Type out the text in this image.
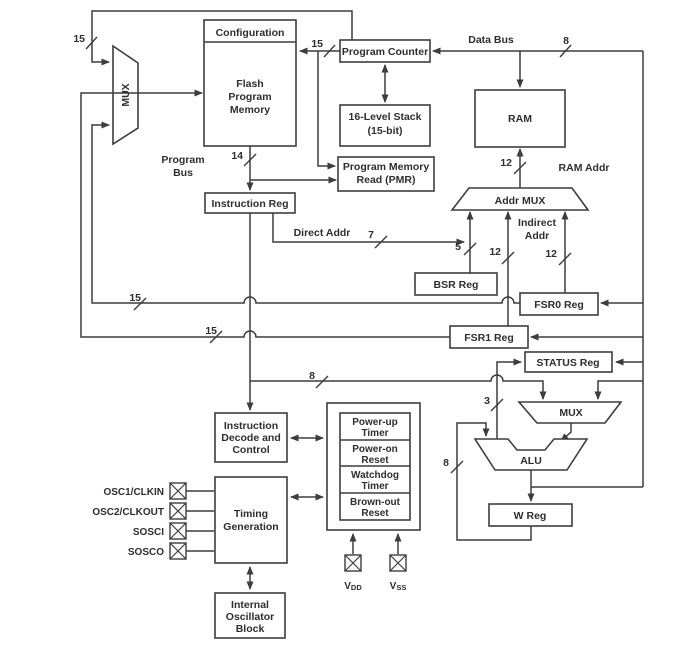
MUX
Configuration
Flash
Program
Memory
Program Counter
16-Level Stack
(15-bit)
RAM
Program Memory
Read (PMR)
Instruction Reg	Addr MUX
BSR Reg
FSR0 Reg
FSR1 Reg
STATUS Reg
MUX
ALU
W Reg
Instruction
Decode and
Control
Timing
Generation
Internal
Oscillator
Block
Power-up
Timer
Power-on
Reset
Watchdog
Timer
Brown-out
Reset
OSC1/CLKIN
OSC2/CLKOUT
SOSCI
SOSCO
VDD	VSS
Data Bus
RAM Addr
Program
Bus
Direct Addr
Indirect
Addr
15	15	8
14
7
5	12	12
12
15
15
8
3
8
